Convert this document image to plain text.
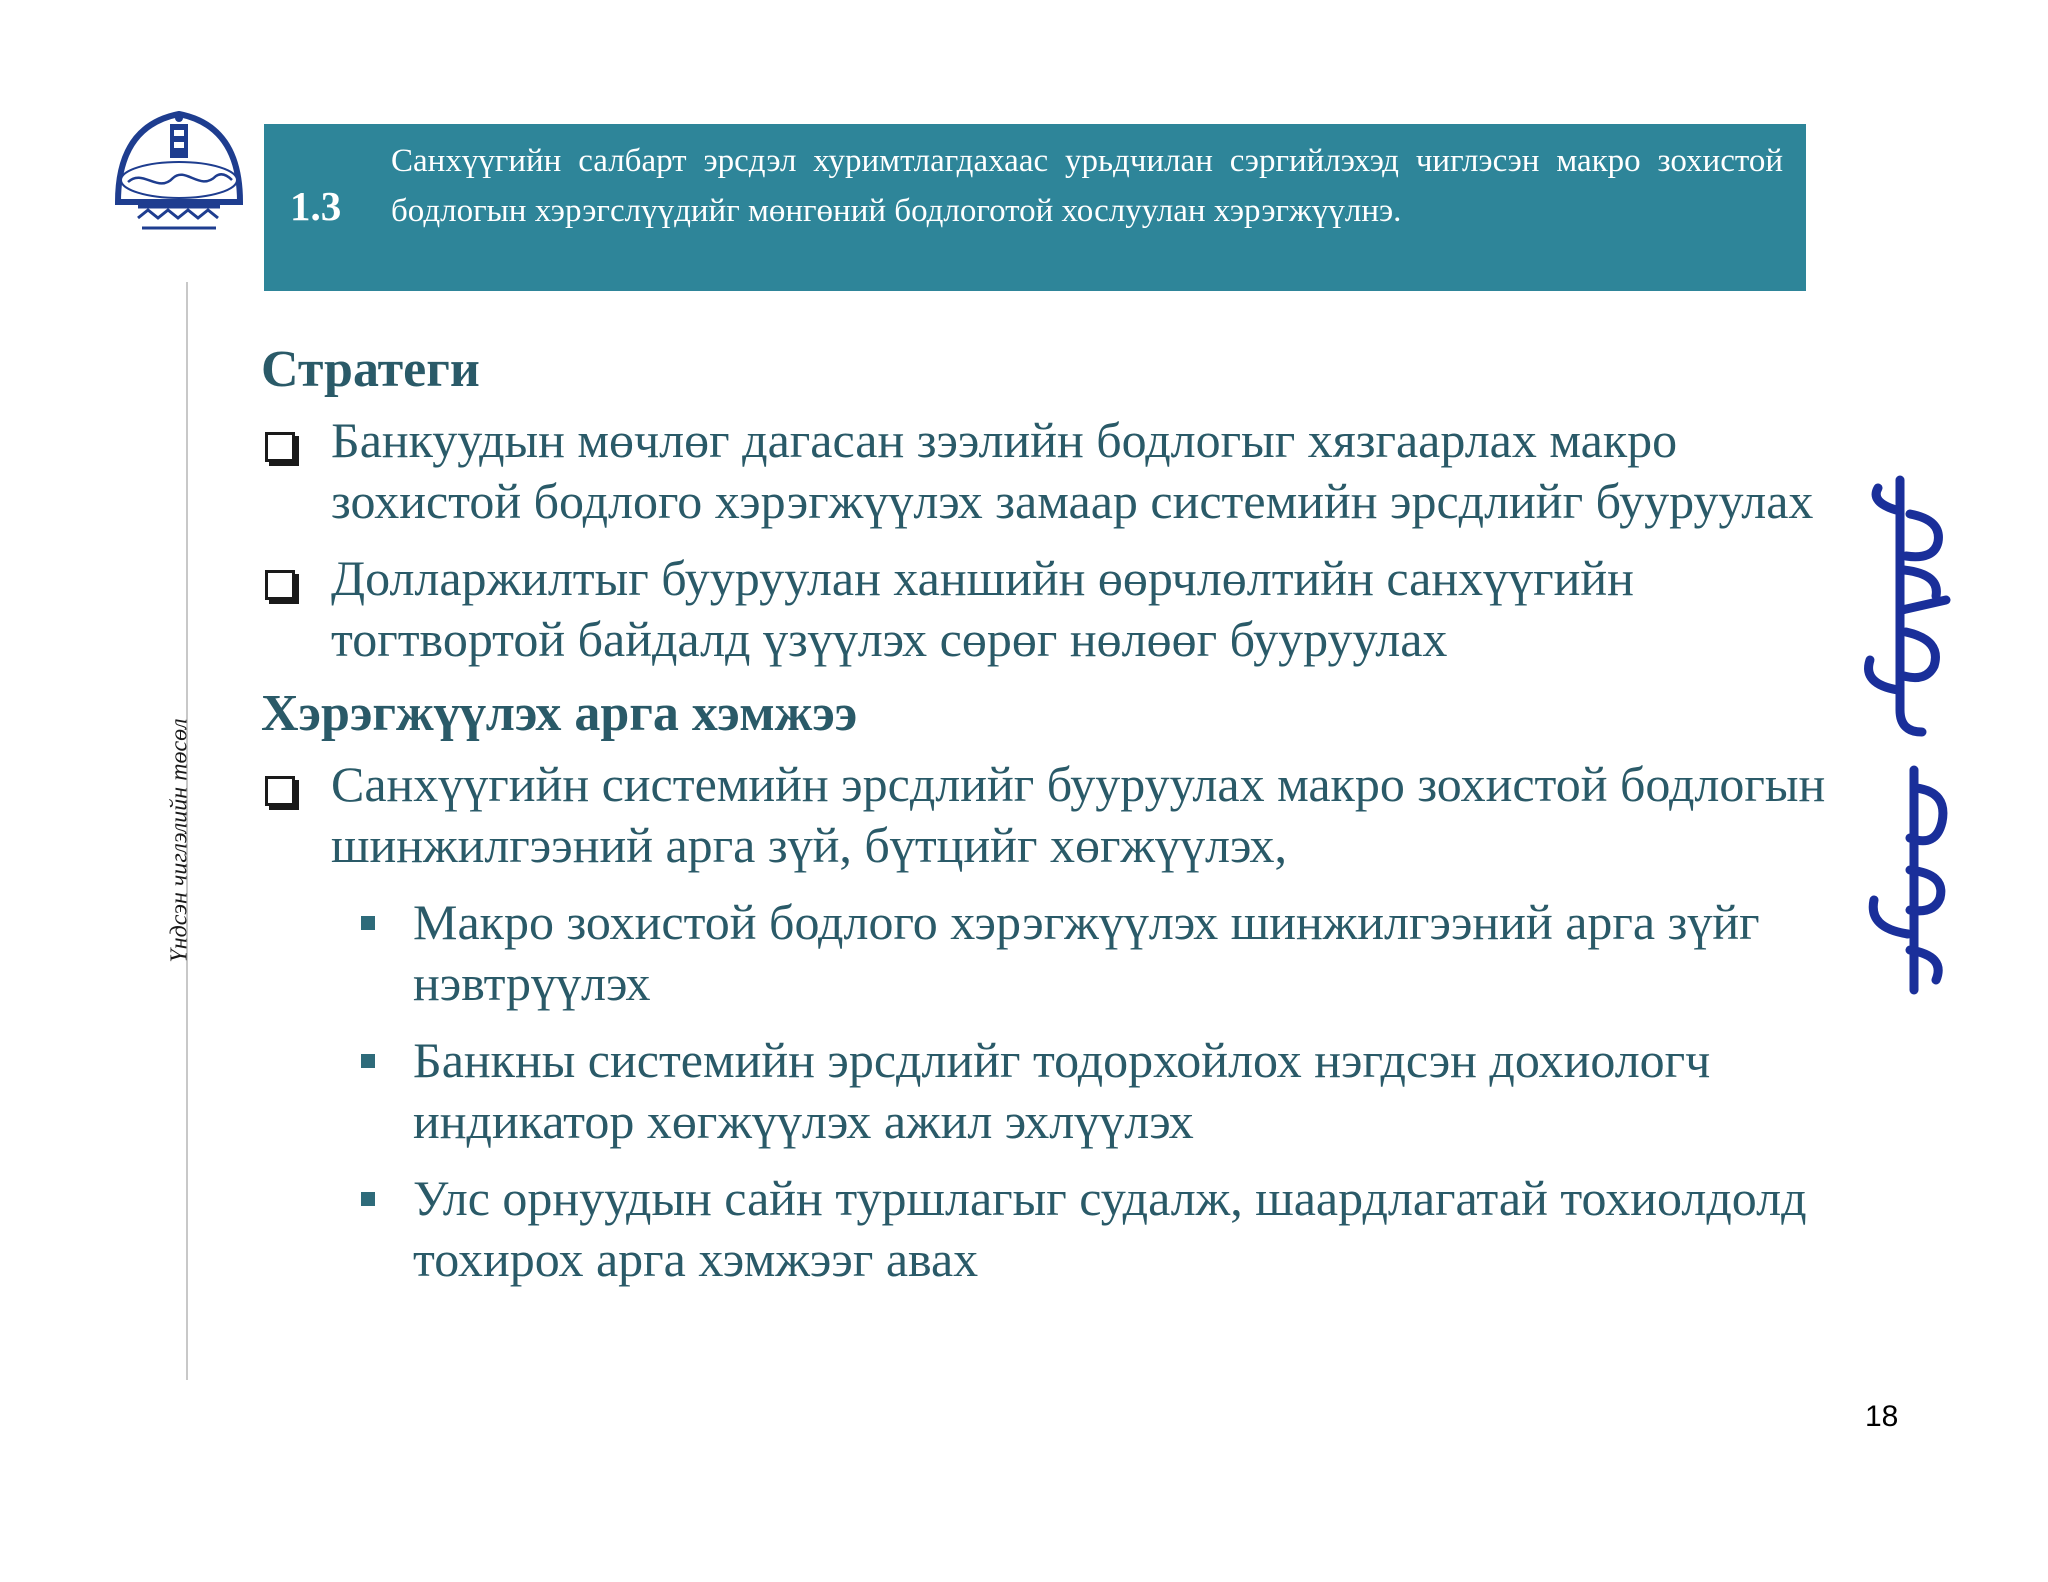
Үндсэн чиглэлийн төсөл
1.3
Санхүүгийн салбарт эрсдэл хуримтлагдахаас урьдчилан сэргийлэхэд чиглэсэн макро зохистой бодлогын хэрэгслүүдийг мөнгөний бодлоготой хослуулан хэрэгжүүлнэ.
Стратеги
Банкуудын мөчлөг дагасан зээлийн бодлогыг хязгаарлах макро зохистой бодлого хэрэгжүүлэх замаар системийн эрсдлийг бууруулах
Долларжилтыг бууруулан ханшийн өөрчлөлтийн санхүүгийн тогтвортой байдалд үзүүлэх сөрөг нөлөөг бууруулах
Хэрэгжүүлэх арга хэмжээ
Санхүүгийн системийн эрсдлийг бууруулах макро зохистой бодлогын шинжилгээний арга зүй, бүтцийг хөгжүүлэх,
Макро зохистой бодлого хэрэгжүүлэх шинжилгээний арга зүйг нэвтрүүлэх
Банкны системийн эрсдлийг тодорхойлох нэгдсэн дохиологч индикатор хөгжүүлэх ажил эхлүүлэх
Улс орнуудын сайн туршлагыг судалж, шаардлагатай тохиолдолд тохирох арга хэмжээг авах
18
